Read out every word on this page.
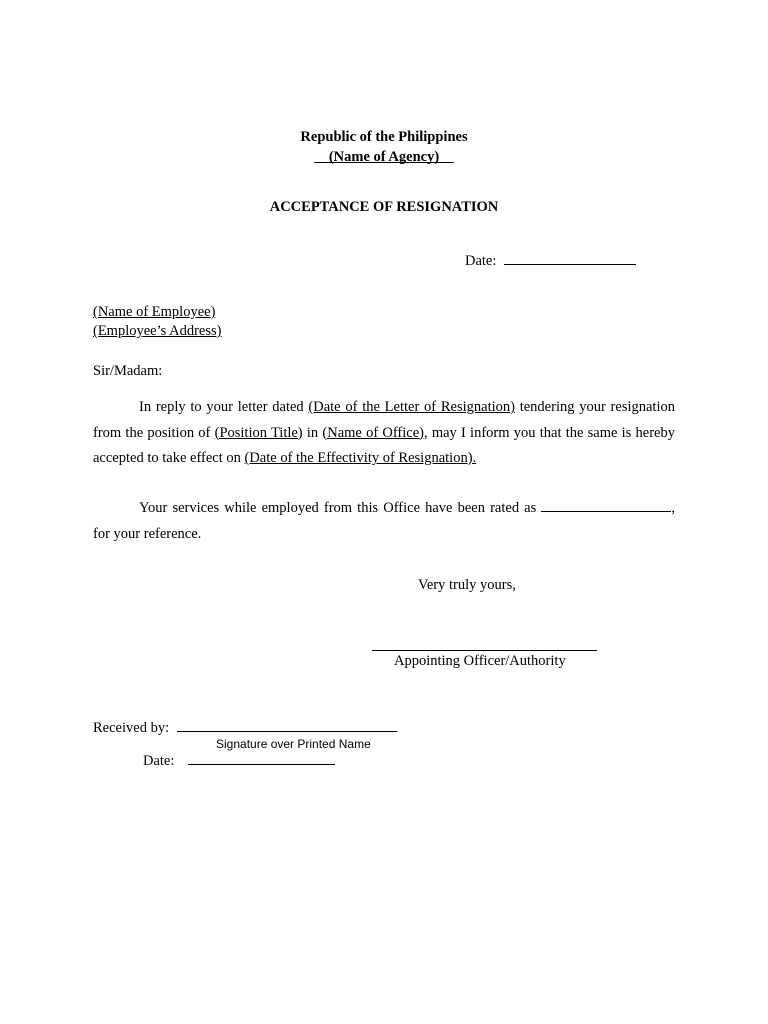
Republic of the Philippines
(Name of Agency)
ACCEPTANCE OF RESIGNATION
Date:
(Name of Employee)
(Employee’s Address)
Sir/Madam:

In reply to your letter dated (Date of the Letter of Resignation) tendering your resignation from the position of (Position Title) in (Name of Office), may I inform you that the same is hereby accepted to take effect on (Date of the Effectivity of Resignation).

Your services while employed from this Office have been rated as	, for your reference.

Very truly yours,
Appointing Officer/Authority
Received by:
Signature over Printed Name
Date:
